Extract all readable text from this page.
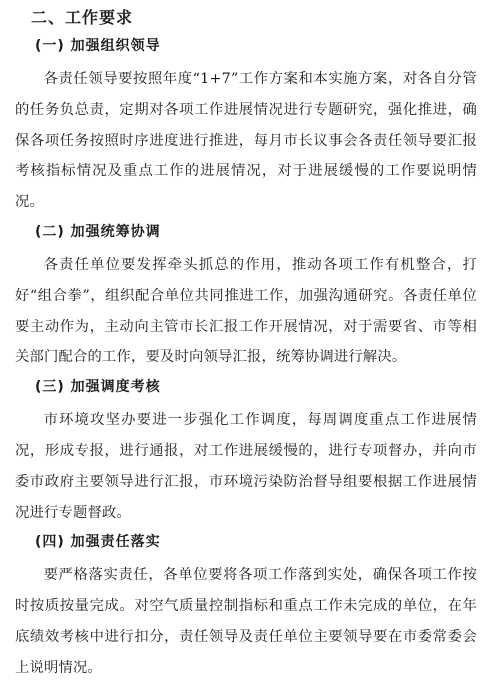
二、工作要求
(一) 加强组织领导

各责任领导要按照年度“1+7”工作方案和本实施方案，对各自分管的任务负总责，定期对各项工作进展情况进行专题研究，强化推进，确保各项任务按照时序进度进行推进，每月市长议事会各责任领导要汇报考核指标情况及重点工作的进展情况，对于进展缓慢的工作要说明情况。

(二) 加强统筹协调

各责任单位要发挥牵头抓总的作用，推动各项工作有机整合，打好“组合拳”，组织配合单位共同推进工作，加强沟通研究。各责任单位要主动作为，主动向主管市长汇报工作开展情况，对于需要省、市等相关部门配合的工作，要及时向领导汇报，统筹协调进行解决。

(三) 加强调度考核

市环境攻坚办要进一步强化工作调度，每周调度重点工作进展情况，形成专报，进行通报，对工作进展缓慢的，进行专项督办，并向市委市政府主要领导进行汇报，市环境污染防治督导组要根据工作进展情况进行专题督政。

(四) 加强责任落实

要严格落实责任，各单位要将各项工作落到实处，确保各项工作按时按质按量完成。对空气质量控制指标和重点工作未完成的单位，在年底绩效考核中进行扣分，责任领导及责任单位主要领导要在市委常委会上说明情况。
